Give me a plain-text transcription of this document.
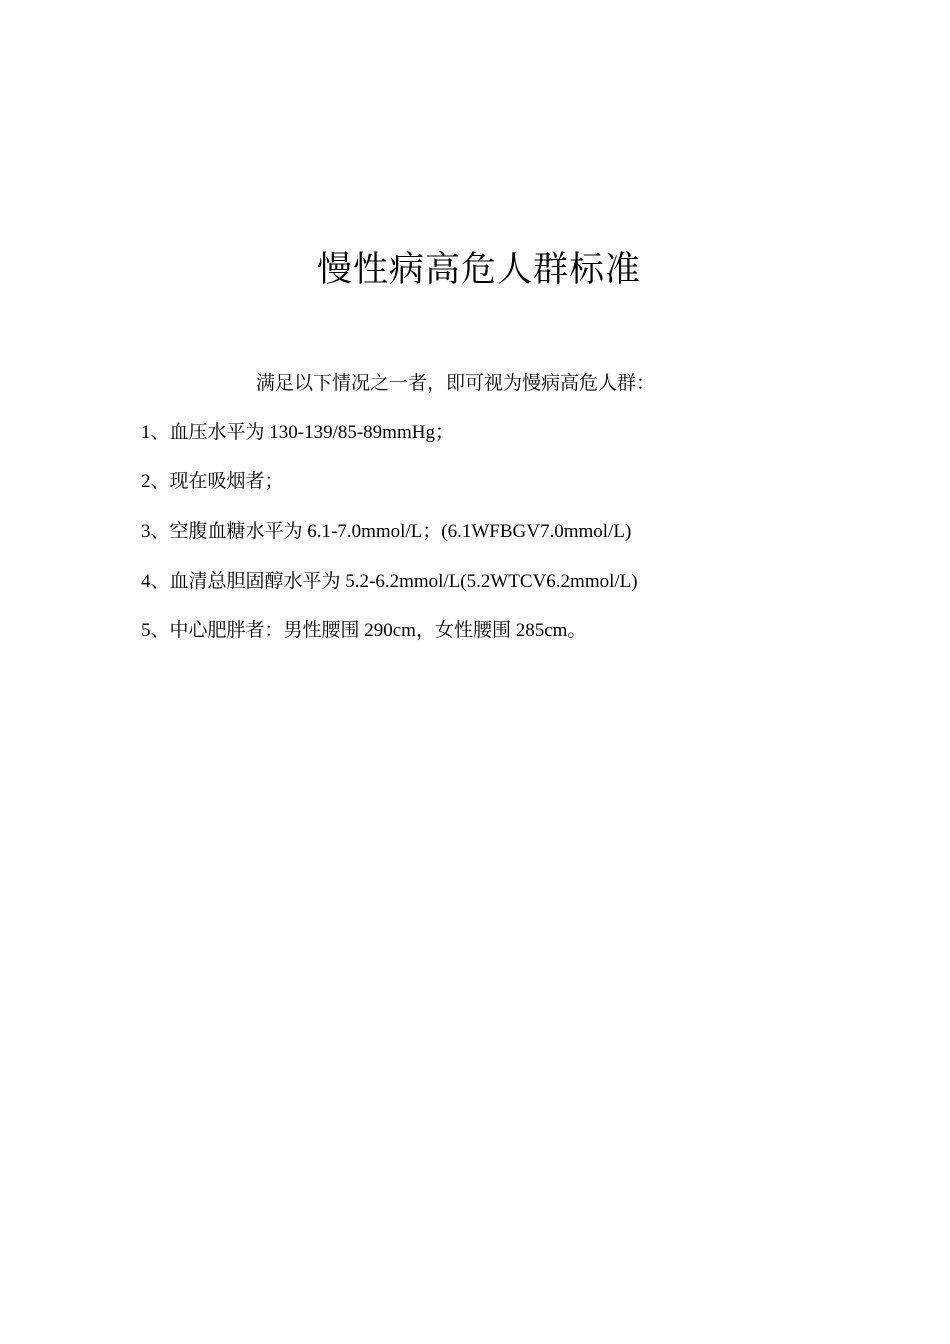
慢性病高危人群标准
满足以下情况之一者，即可视为慢病高危人群：
1、血压水平为 130-139/85-89mmHg；
2、现在吸烟者；
3、空腹血糖水平为 6.1-7.0mmol/L；(6.1WFBGV7.0mmol/L)
4、血清总胆固醇水平为 5.2-6.2mmol/L(5.2WTCV6.2mmol/L)
5、中心肥胖者：男性腰围 290cm，女性腰围 285cm。
